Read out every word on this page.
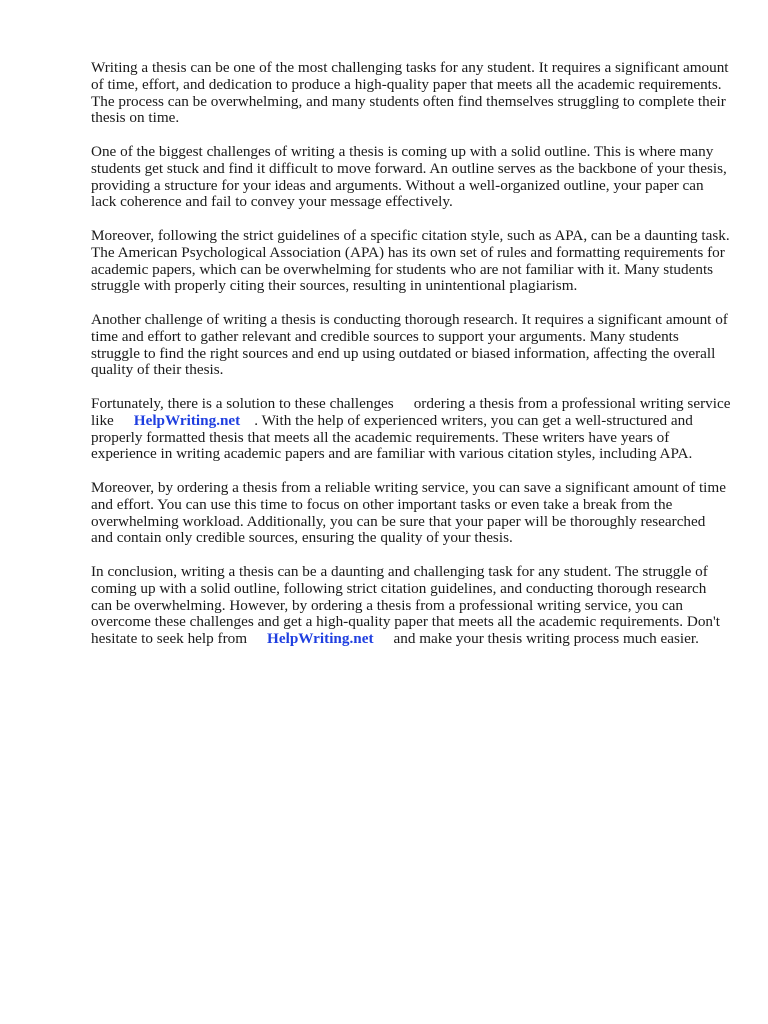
Writing a thesis can be one of the most challenging tasks for any student. It requires a significant amount of time, effort, and dedication to produce a high-quality paper that meets all the academic requirements. The process can be overwhelming, and many students often find themselves struggling to complete their thesis on time.

One of the biggest challenges of writing a thesis is coming up with a solid outline. This is where many students get stuck and find it difficult to move forward. An outline serves as the backbone of your thesis, providing a structure for your ideas and arguments. Without a well-organized outline, your paper can lack coherence and fail to convey your message effectively.

Moreover, following the strict guidelines of a specific citation style, such as APA, can be a daunting task. The American Psychological Association (APA) has its own set of rules and formatting requirements for academic papers, which can be overwhelming for students who are not familiar with it. Many students struggle with properly citing their sources, resulting in unintentional plagiarism.

Another challenge of writing a thesis is conducting thorough research. It requires a significant amount of time and effort to gather relevant and credible sources to support your arguments. Many students struggle to find the right sources and end up using outdated or biased information, affecting the overall quality of their thesis.

Fortunately, there is a solution to these challenges ordering a thesis from a professional writing service like HelpWriting.net . With the help of experienced writers, you can get a well-structured and properly formatted thesis that meets all the academic requirements. These writers have years of experience in writing academic papers and are familiar with various citation styles, including APA.

Moreover, by ordering a thesis from a reliable writing service, you can save a significant amount of time and effort. You can use this time to focus on other important tasks or even take a break from the overwhelming workload. Additionally, you can be sure that your paper will be thoroughly researched and contain only credible sources, ensuring the quality of your thesis.

In conclusion, writing a thesis can be a daunting and challenging task for any student. The struggle of coming up with a solid outline, following strict citation guidelines, and conducting thorough research can be overwhelming. However, by ordering a thesis from a professional writing service, you can overcome these challenges and get a high-quality paper that meets all the academic requirements. Don't hesitate to seek help from HelpWriting.net and make your thesis writing process much easier.
